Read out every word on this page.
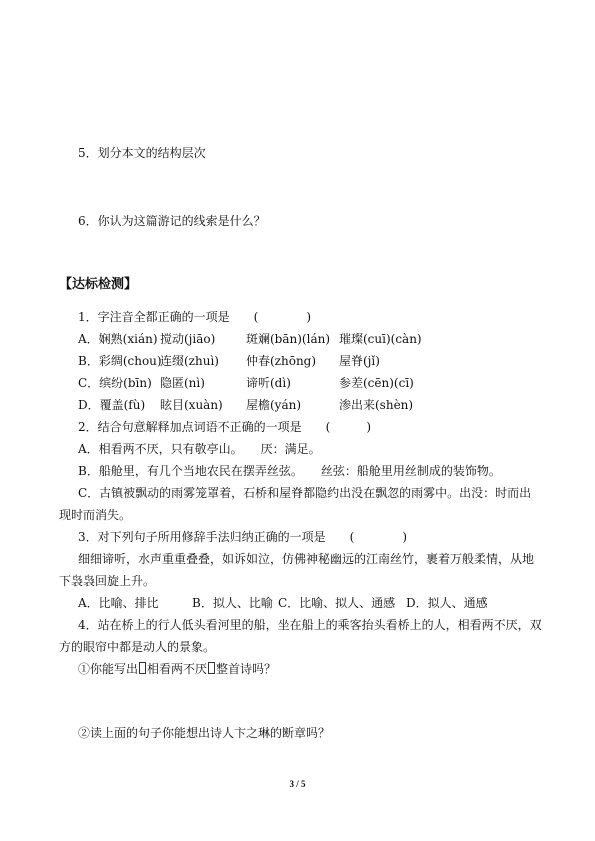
5．划分本文的结构层次
6．你认为这篇游记的线索是什么？
【达标检测】
1．字注音全都正确的一项是　　(　　　　)
A．娴熟(xián) 搅动(jiāo)	斑斓(bān)(lán) 璀璨(cuī)(càn)
B．彩绸(chou)连缀(zhuì) 仲春(zhōng) 屋脊(jǐ)
C．缤纷(bīn) 隐匿(nì)	谛听(dì)	参差(cēn)(cī)
D．覆盖(fù) 眩目(xuàn) 屋檐(yán)	渗出来(shèn)
2．结合句意解释加点词语不正确的一项是　　(　　　)
A．相看两不厌，只有敬亭山。　　厌：满足。
B．船舱里，有几个当地农民在摆弄丝弦。　　丝弦：船舱里用丝制成的装饰物。
C．古镇被飘动的雨雾笼罩着，石桥和屋脊都隐约出没在飘忽的雨雾中。出没：时而出
现时而消失。
3．对下列句子所用修辞手法归纳正确的一项是　　(　　　　)
细细谛听，水声重重叠叠，如诉如泣，仿佛神秘幽远的江南丝竹，裹着万般柔情，从地
下袅袅回旋上升。
A．比喻、排比	B．拟人、比喻 C．比喻、拟人、通感 D．拟人、通感
4．站在桥上的行人低头看河里的船，坐在船上的乘客抬头看桥上的人，相看两不厌，双
方的眼帘中都是动人的景象。
①你能写出 相看两不厌 整首诗吗？
②读上面的句子你能想出诗人卞之琳的断章吗？
3 / 5
